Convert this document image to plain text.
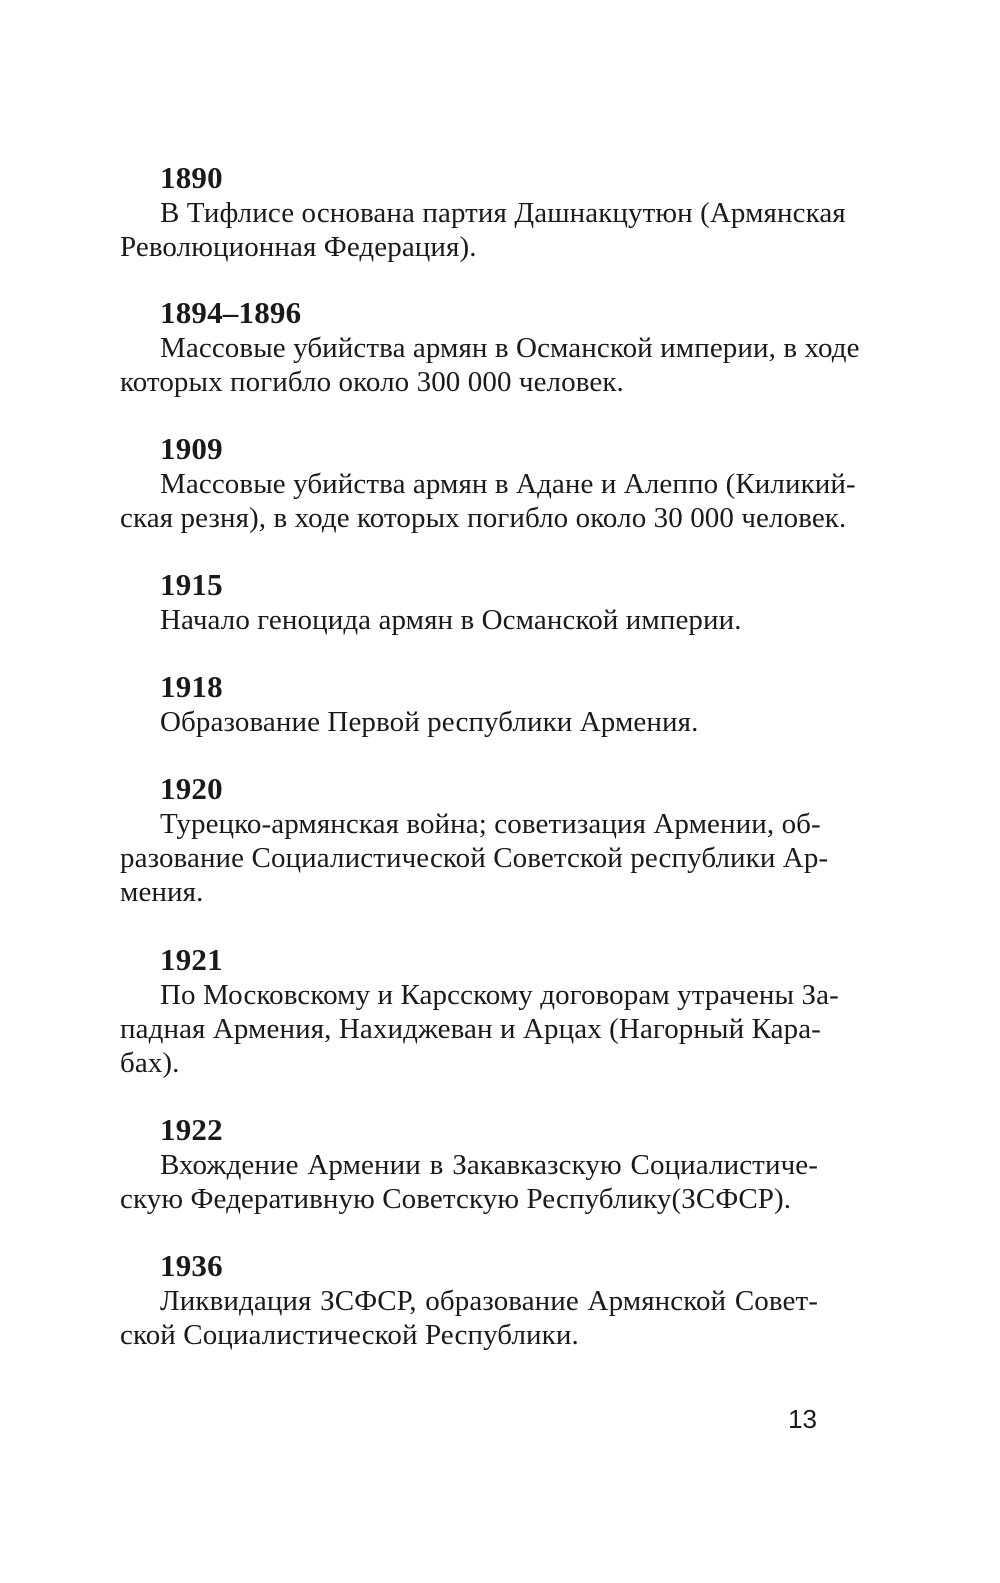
1890
В Тифлисе основана партия Дашнакцутюн (Армянская
Революционная Федерация).
1894–1896
Массовые убийства армян в Османской империи, в ходе
которых погибло около 300 000 человек.
1909
Массовые убийства армян в Адане и Алеппо (Киликий-
ская резня), в ходе которых погибло около 30 000 человек.
1915
Начало геноцида армян в Османской империи.
1918
Образование Первой республики Армения.
1920
Турецко-армянская война; советизация Армении, об-
разование Социалистической Советской республики Ар-
мения.
1921
По Московскому и Карсскому договорам утрачены За-
падная Армения, Нахиджеван и Арцах (Нагорный Кара-
бах).
1922
Вхождение Армении в Закавказскую Социалистиче-
скую Федеративную Советскую Республику(ЗСФСР).
1936
Ликвидация ЗСФСР, образование Армянской Совет-
ской Социалистической Республики.
13
